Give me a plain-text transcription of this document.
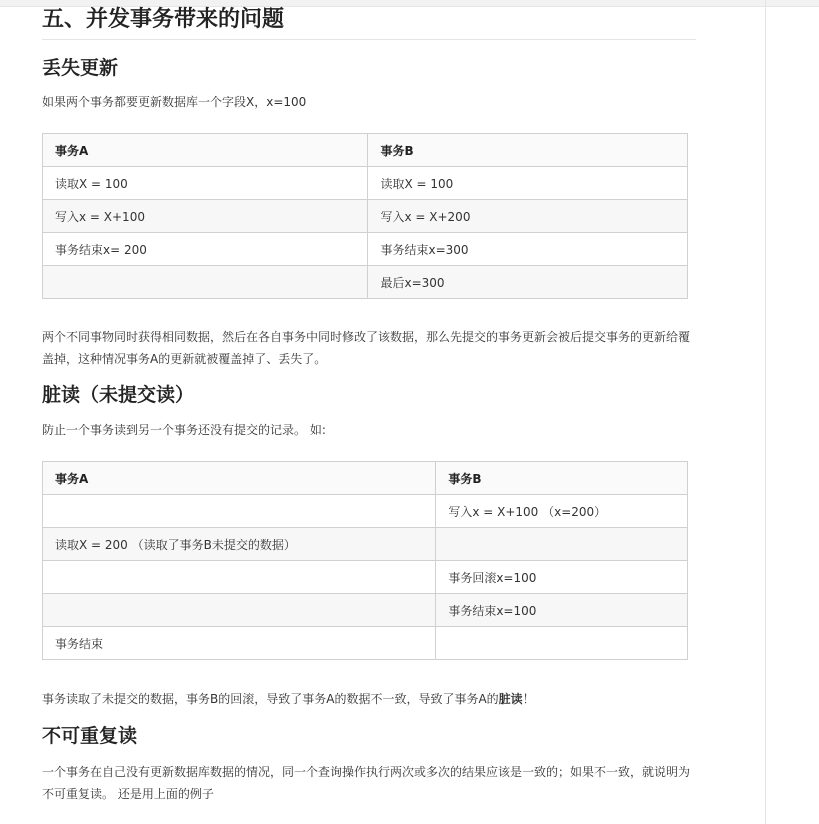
五、并发事务带来的问题
丢失更新

如果两个事务都要更新数据库一个字段X，x=100

事务A	事务B
读取X = 100	读取X = 100
写入x = X+100	写入x = X+200
事务结束x= 200	事务结束x=300
	最后x=300

两个不同事物同时获得相同数据，然后在各自事务中同时修改了该数据，那么先提交的事务更新会被后提交事务的更新给覆盖掉，这种情况事务A的更新就被覆盖掉了、丢失了。

脏读（未提交读）

防止一个事务读到另一个事务还没有提交的记录。 如:

事务A	事务B
	写入x = X+100 （x=200）
读取X = 200 （读取了事务B未提交的数据）	
	事务回滚x=100
	事务结束x=100
事务结束	

事务读取了未提交的数据，事务B的回滚，导致了事务A的数据不一致，导致了事务A的脏读！

不可重复读

一个事务在自己没有更新数据库数据的情况，同一个查询操作执行两次或多次的结果应该是一致的；如果不一致，就说明为不可重复读。 还是用上面的例子
